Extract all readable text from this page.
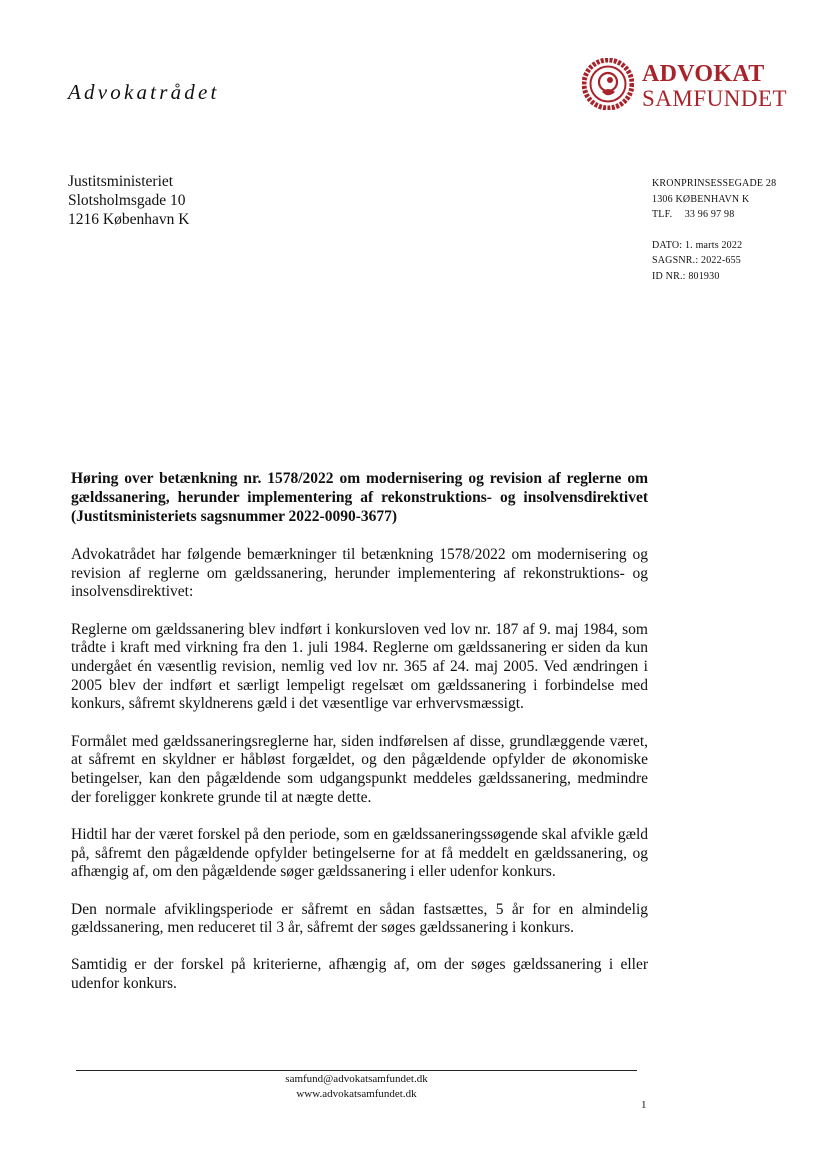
Advokatrådet
ADVOKAT
SAMFUNDET
Justitsministeriet
Slotsholmsgade 10
1216 København K
KRONPRINSESSEGADE 28
1306 KØBENHAVN K
TLF. 33 96 97 98
DATO: 1. marts 2022
SAGSNR.: 2022-655
ID NR.: 801930
Høring over betænkning nr. 1578/2022 om modernisering og revision af reglerne om gældssanering, herunder implementering af rekonstruktions- og insolvensdirektivet (Justitsministeriets sagsnummer 2022-0090-3677)

Advokatrådet har følgende bemærkninger til betænkning 1578/2022 om modernisering og revision af reglerne om gældssanering, herunder implementering af rekonstruktions- og insolvensdirektivet:

Reglerne om gældssanering blev indført i konkursloven ved lov nr. 187 af 9. maj 1984, som trådte i kraft med virkning fra den 1. juli 1984. Reglerne om gældssanering er siden da kun undergået én væsentlig revision, nemlig ved lov nr. 365 af 24. maj 2005. Ved ændringen i 2005 blev der indført et særligt lempeligt regelsæt om gældssanering i forbindelse med konkurs, såfremt skyldnerens gæld i det væsentlige var erhvervsmæssigt.

Formålet med gældssaneringsreglerne har, siden indførelsen af disse, grundlæggende været, at såfremt en skyldner er håbløst forgældet, og den pågældende opfylder de økonomiske betingelser, kan den pågældende som udgangspunkt meddeles gældssanering, medmindre der foreligger konkrete grunde til at nægte dette.

Hidtil har der været forskel på den periode, som en gældssaneringssøgende skal afvikle gæld på, såfremt den pågældende opfylder betingelserne for at få meddelt en gældssanering, og afhængig af, om den pågældende søger gældssanering i eller udenfor konkurs.

Den normale afviklingsperiode er såfremt en sådan fastsættes, 5 år for en almindelig gældssanering, men reduceret til 3 år, såfremt der søges gældssanering i konkurs.

Samtidig er der forskel på kriterierne, afhængig af, om der søges gældssanering i eller udenfor konkurs.

samfund@advokatsamfundet.dk
www.advokatsamfundet.dk
1
